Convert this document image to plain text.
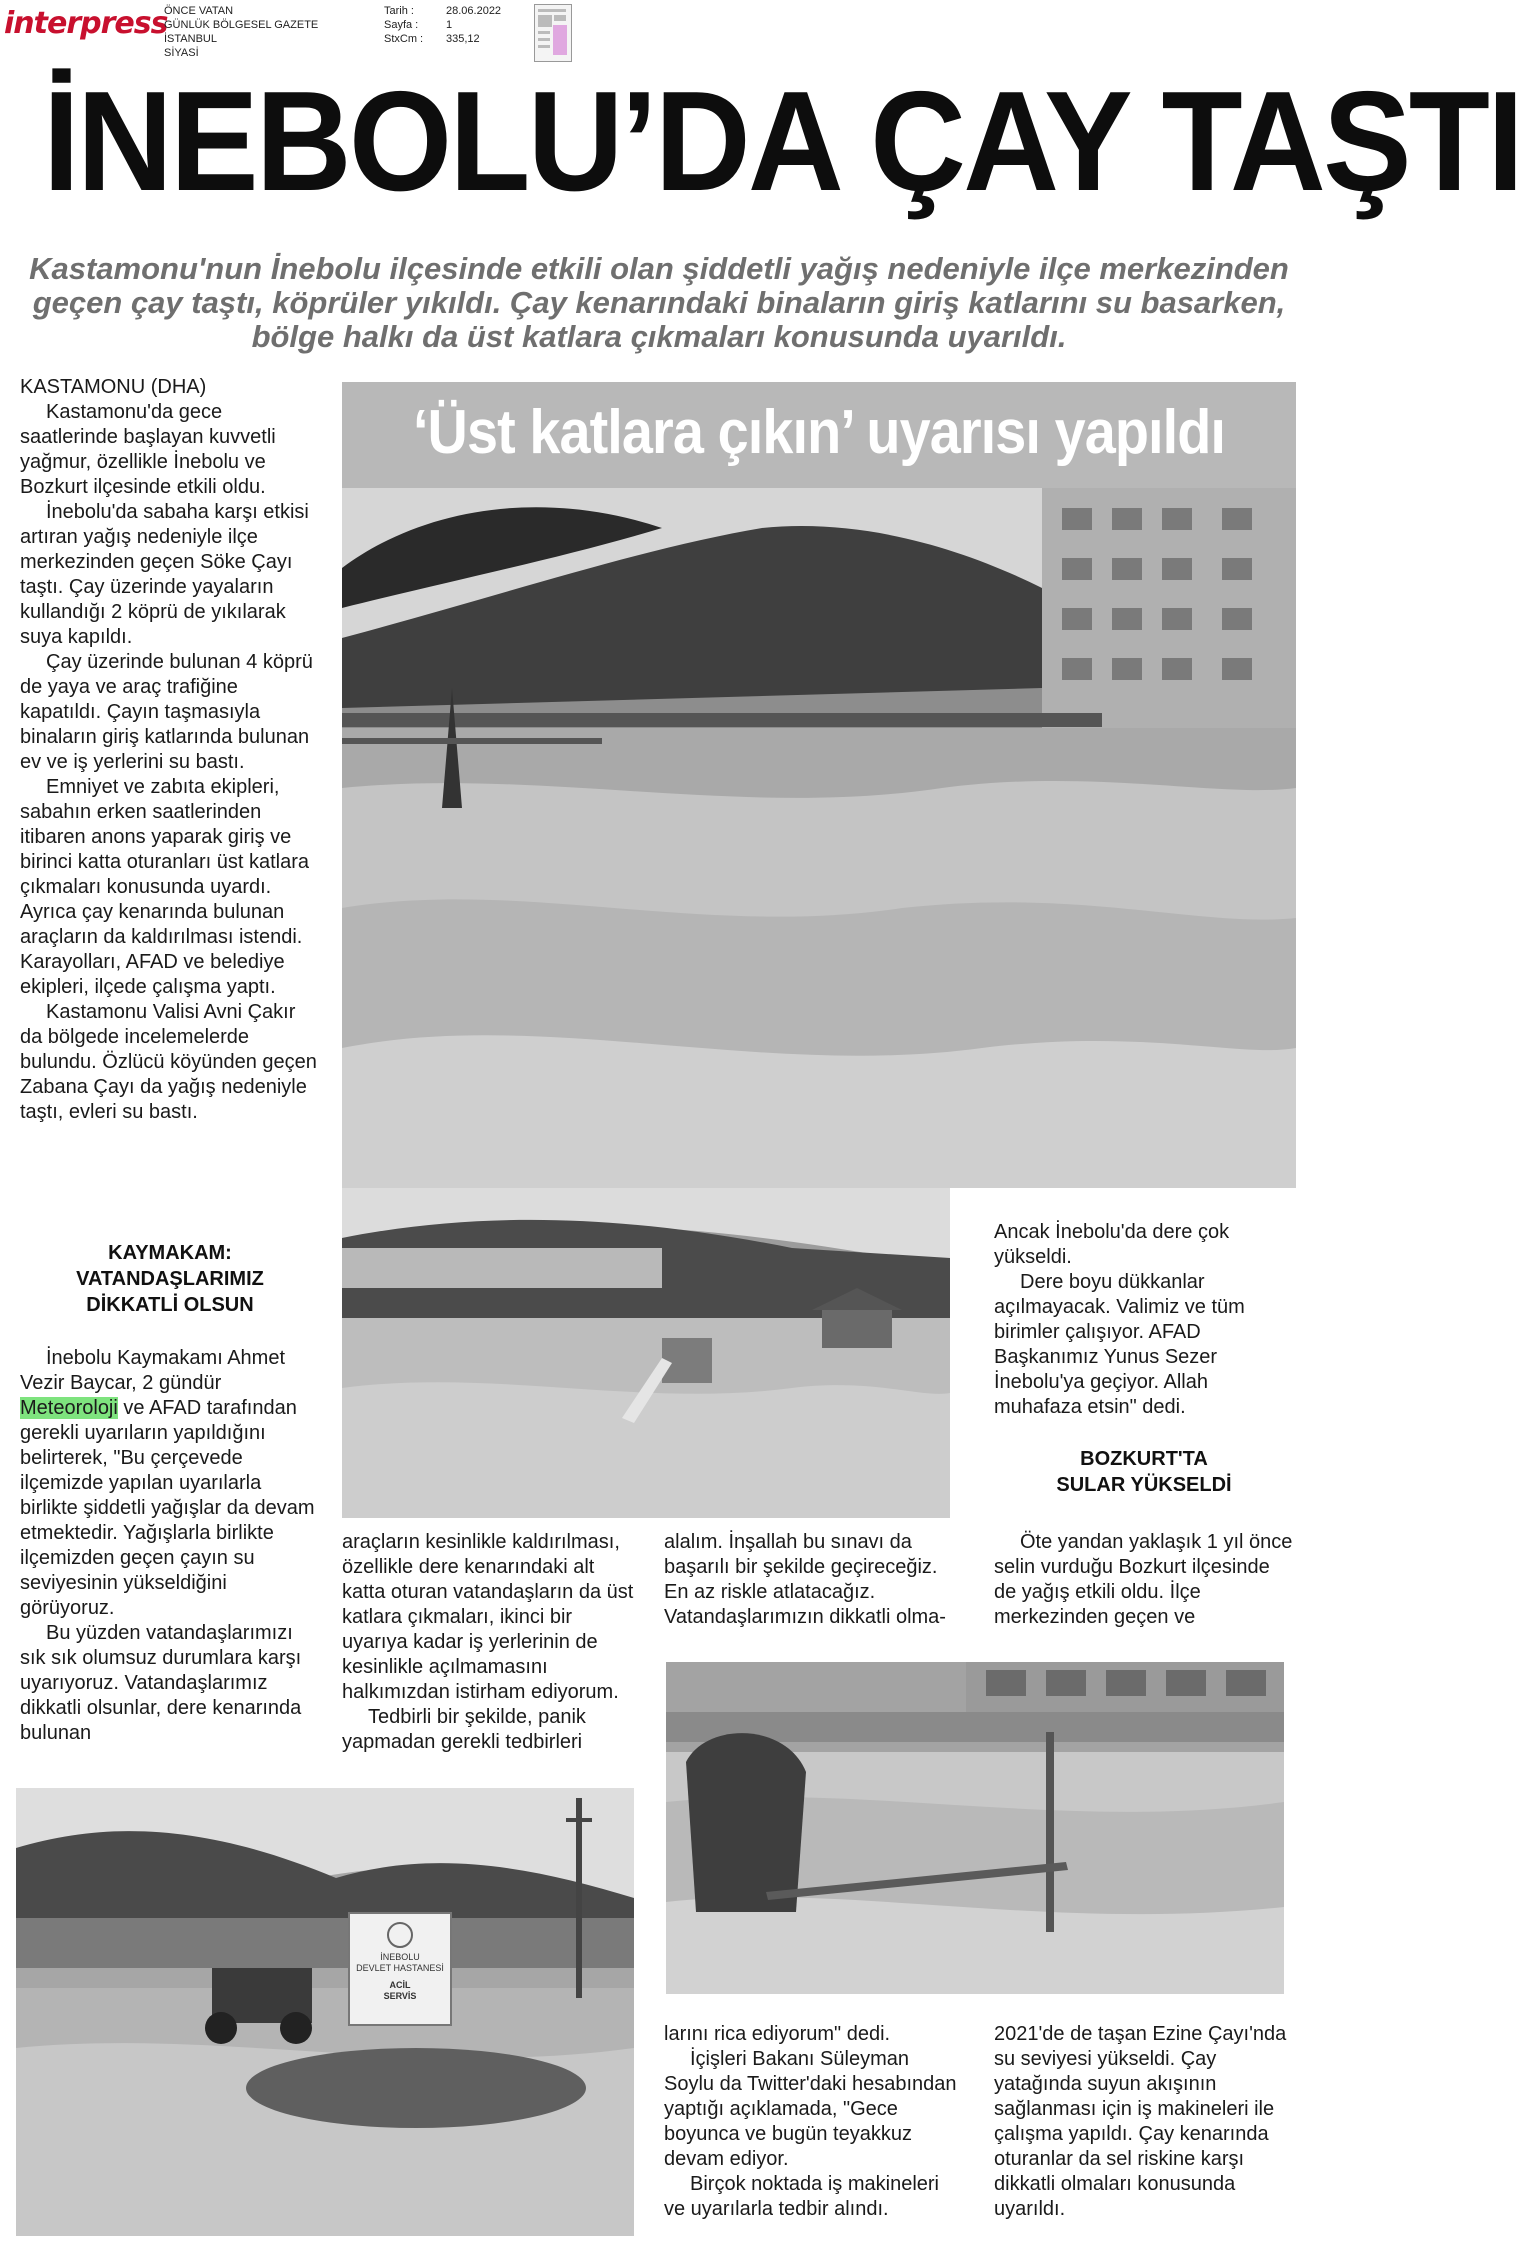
interpress
ÖNCE VATAN
GÜNLÜK BÖLGESEL GAZETE
İSTANBUL
SİYASİ
Tarih :
Sayfa :
StxCm :
28.06.2022
1
335,12
İNEBOLU’DA ÇAY TAŞTI
Kastamonu'nun İnebolu ilçesinde etkili olan şiddetli yağış nedeniyle ilçe merkezinden geçen çay taştı, köprüler yıkıldı. Çay kenarındaki binaların giriş katlarını su basarken, bölge halkı da üst katlara çıkmaları konusunda uyarıldı.

KASTAMONU (DHA)

Kastamonu'da gece saatlerinde başlayan kuvvetli yağmur, özellikle İnebolu ve Bozkurt ilçesinde etkili oldu.

İnebolu'da sabaha karşı etkisi artıran yağış nedeniyle ilçe merkezinden geçen Söke Çayı taştı. Çay üzerinde yayaların kullandığı 2 köprü de yıkılarak suya kapıldı.

Çay üzerinde bulunan 4 köprü de yaya ve araç trafiğine kapatıldı. Çayın taşmasıyla binaların giriş katlarında bulunan ev ve iş yerlerini su bastı.

Emniyet ve zabıta ekipleri, sabahın erken saatlerinden itibaren anons yaparak giriş ve birinci katta oturanları üst katlara çıkmaları konusunda uyardı. Ayrıca çay kenarında bulunan araçların da kaldırılması istendi. Karayolları, AFAD ve belediye ekipleri, ilçede çalışma yaptı.

Kastamonu Valisi Avni Çakır da bölgede incelemelerde bulundu. Özlücü köyünden geçen Zabana Çayı da yağış nedeniyle taştı, evleri su bastı.

KAYMAKAM:
VATANDAŞLARIMIZ
DİKKATLİ OLSUN

İnebolu Kaymakamı Ahmet Vezir Baycar, 2 gündür Meteoroloji ve AFAD tarafından gerekli uyarıların yapıldığını belirterek, "Bu çerçevede ilçemizde yapılan uyarılarla birlikte şiddetli yağışlar da devam etmektedir. Yağışlarla birlikte ilçemizden geçen çayın su seviyesinin yükseldiğini görüyoruz.

Bu yüzden vatandaşlarımızı sık sık olumsuz durumlara karşı uyarıyoruz. Vatandaşlarımız dikkatli olsunlar, dere kenarında bulunan

‘Üst katlara çıkın’ uyarısı yapıldı

Ancak İnebolu'da dere çok yükseldi.

Dere boyu dükkanlar açılmayacak. Valimiz ve tüm birimler çalışıyor. AFAD Başkanımız Yunus Sezer İnebolu'ya geçiyor. Allah muhafaza etsin" dedi.

BOZKURT'TA
SULAR YÜKSELDİ

Öte yandan yaklaşık 1 yıl önce selin vurduğu Bozkurt ilçesinde de yağış etkili oldu. İlçe merkezinden geçen ve

araçların kesinlikle kaldırılması, özellikle dere kenarındaki alt katta oturan vatandaşların da üst katlara çıkmaları, ikinci bir uyarıya kadar iş yerlerinin de kesinlikle açılmamasını halkımızdan istirham ediyorum.

Tedbirli bir şekilde, panik yapmadan gerekli tedbirleri

alalım. İnşallah bu sınavı da başarılı bir şekilde geçireceğiz. En az riskle atlatacağız. Vatandaşlarımızın dikkatli olma-

İNEBOLU
DEVLET HASTANESİ
ACİL
SERVİS

larını rica ediyorum" dedi.

İçişleri Bakanı Süleyman Soylu da Twitter'daki hesabından yaptığı açıklamada, "Gece boyunca ve bugün teyakkuz devam ediyor.

Birçok noktada iş makineleri ve uyarılarla tedbir alındı.

2021'de de taşan Ezine Çayı'nda su seviyesi yükseldi. Çay yatağında suyun akışının sağlanması için iş makineleri ile çalışma yapıldı. Çay kenarında oturanlar da sel riskine karşı dikkatli olmaları konusunda uyarıldı.
